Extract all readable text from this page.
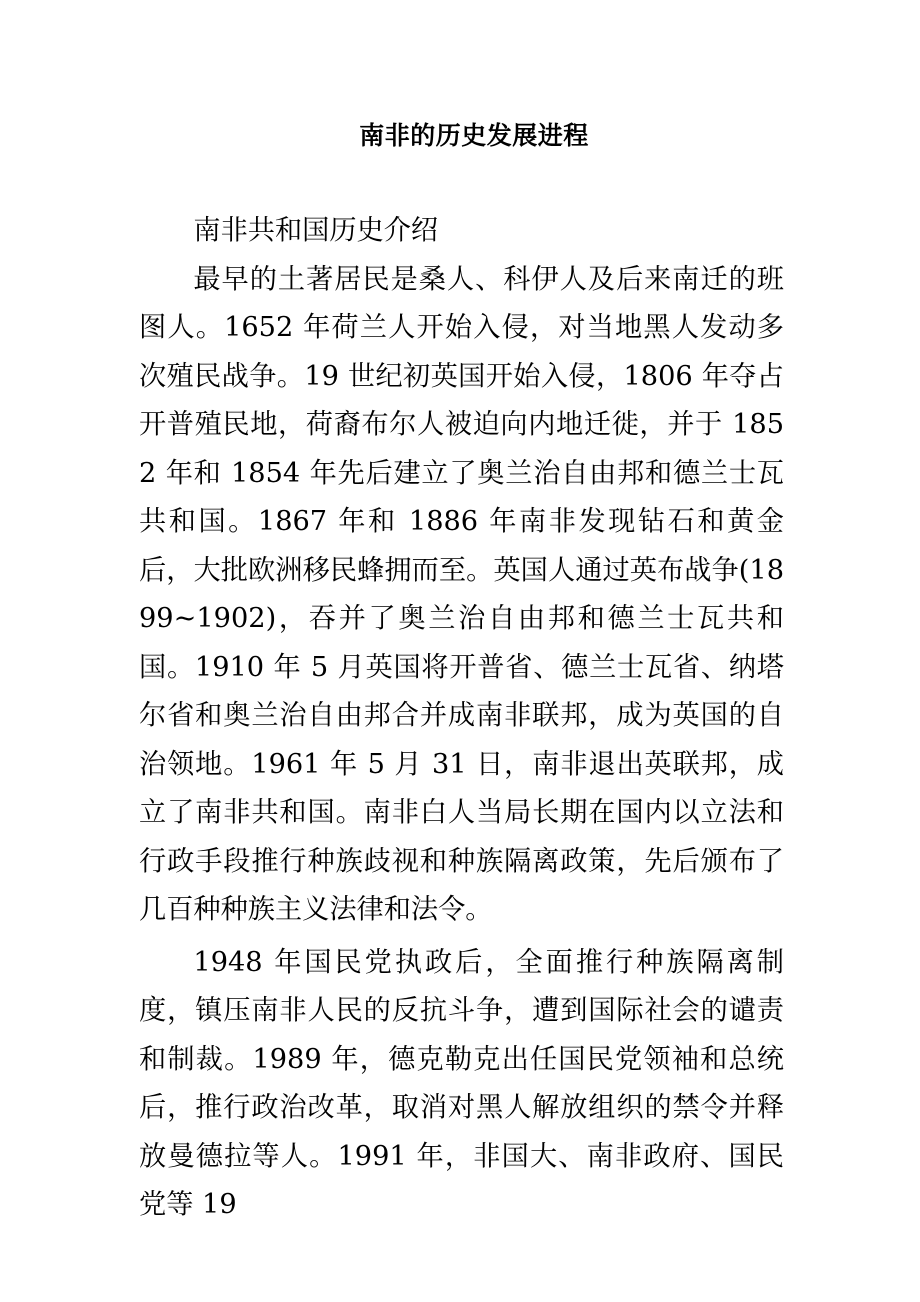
南非的历史发展进程

南非共和国历史介绍

最早的土著居民是桑人、科伊人及后来南迁的班图人。1652 年荷兰人开始入侵，对当地黑人发动多次殖民战争。19 世纪初英国开始入侵，1806 年夺占开普殖民地，荷裔布尔人被迫向内地迁徙，并于 1852 年和 1854 年先后建立了奥兰治自由邦和德兰士瓦共和国。1867 年和 1886 年南非发现钻石和黄金后，大批欧洲移民蜂拥而至。英国人通过英布战争(1899~1902)，吞并了奥兰治自由邦和德兰士瓦共和国。1910 年 5 月英国将开普省、德兰士瓦省、纳塔尔省和奥兰治自由邦合并成南非联邦，成为英国的自治领地。1961 年 5 月 31 日，南非退出英联邦，成立了南非共和国。南非白人当局长期在国内以立法和行政手段推行种族歧视和种族隔离政策，先后颁布了几百种种族主义法律和法令。

1948 年国民党执政后，全面推行种族隔离制度，镇压南非人民的反抗斗争，遭到国际社会的谴责和制裁。1989 年，德克勒克出任国民党领袖和总统后，推行政治改革，取消对黑人解放组织的禁令并释放曼德拉等人。1991 年，非国大、南非政府、国民党等 19
